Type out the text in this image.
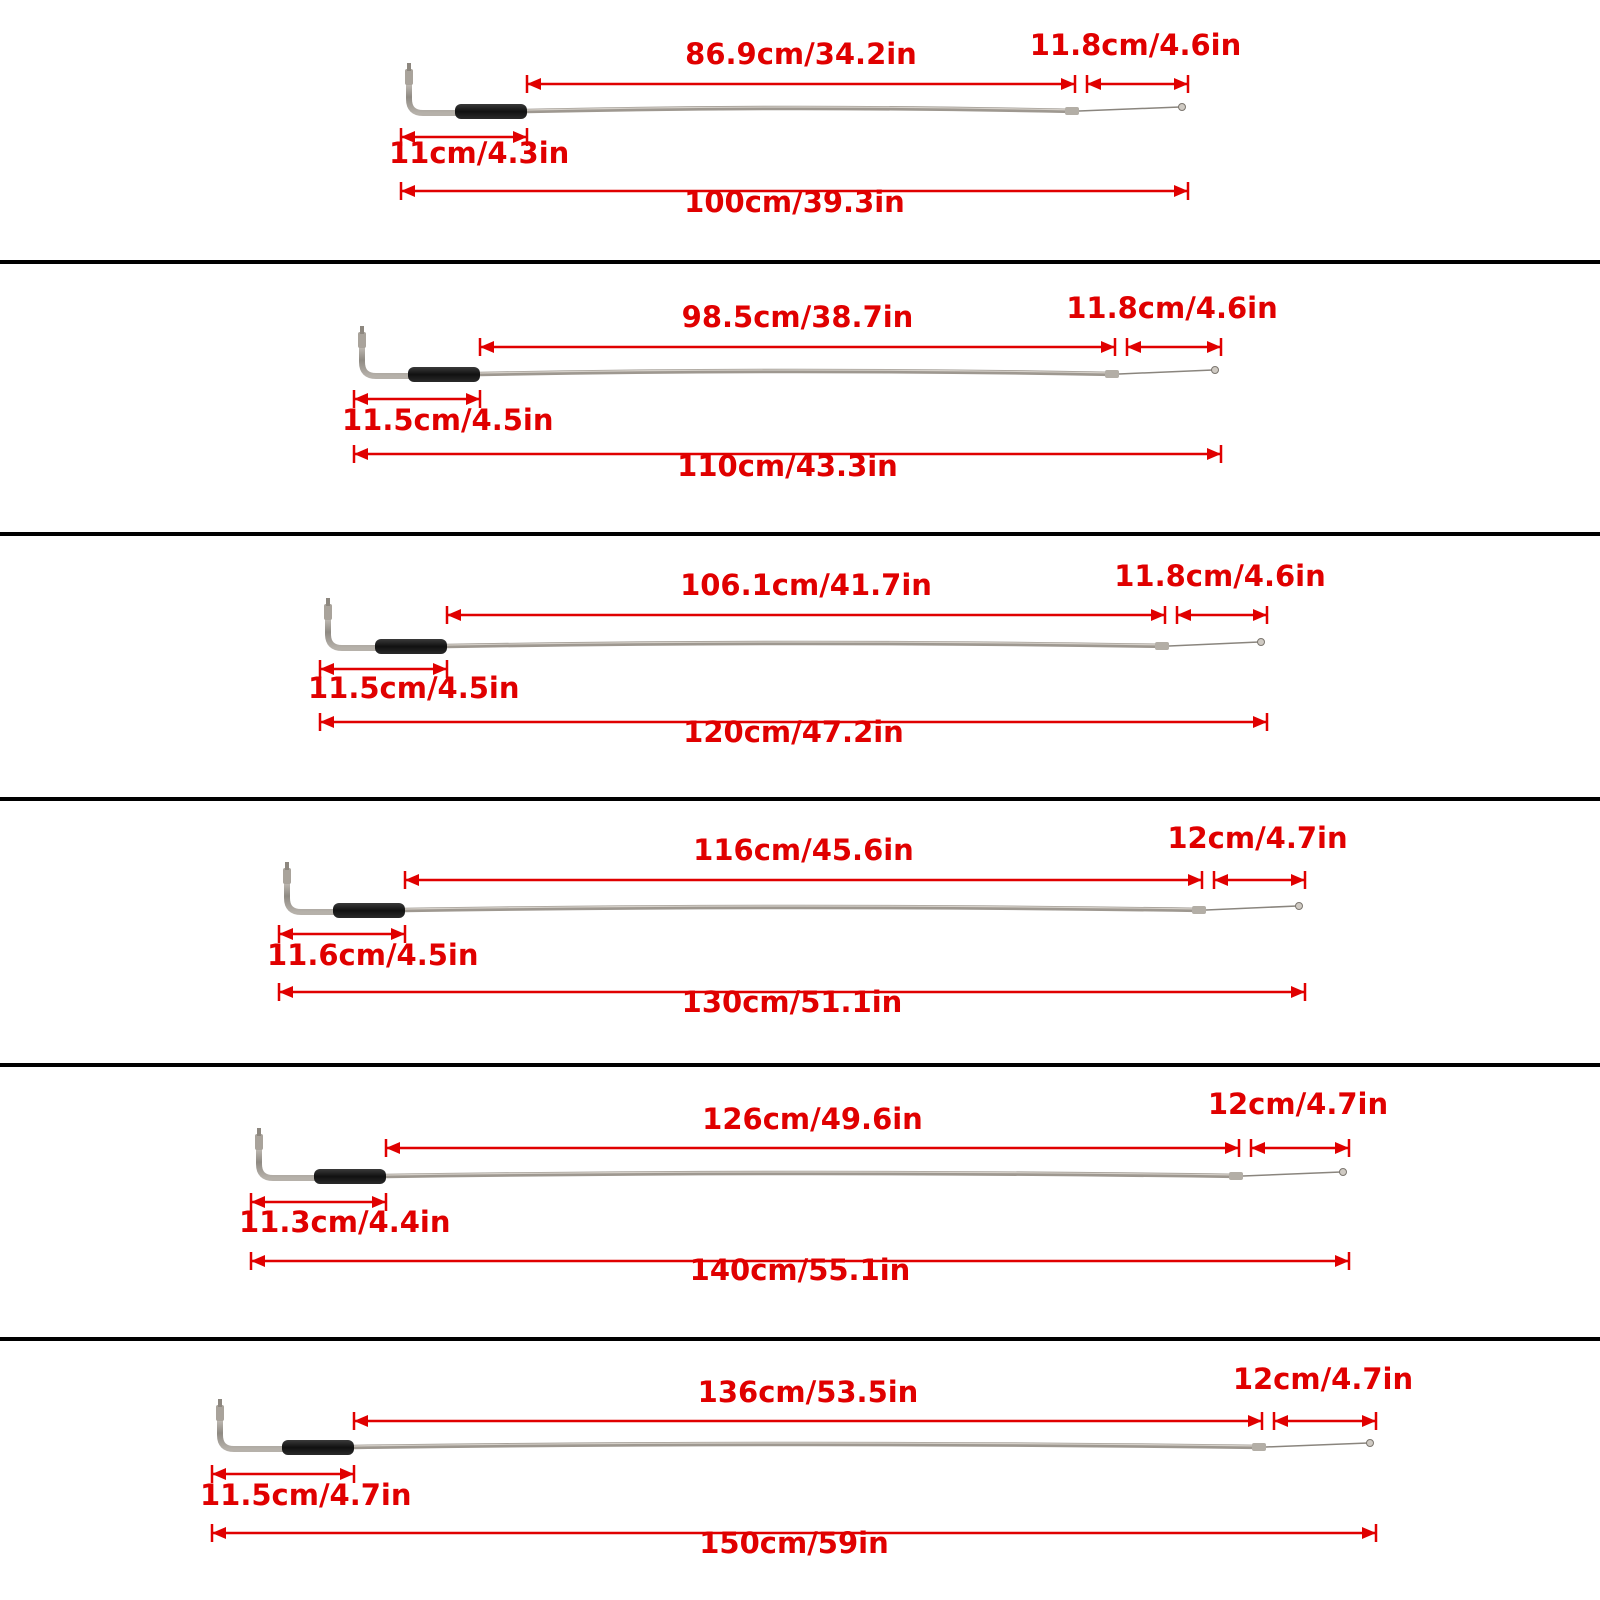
86.9cm/34.2in	11.8cm/4.6in
11cm/4.3in
100cm/39.3in
98.5cm/38.7in	11.8cm/4.6in
11.5cm/4.5in
110cm/43.3in
106.1cm/41.7in	11.8cm/4.6in
11.5cm/4.5in
120cm/47.2in
116cm/45.6in	12cm/4.7in
11.6cm/4.5in
130cm/51.1in
126cm/49.6in	12cm/4.7in
11.3cm/4.4in
140cm/55.1in
136cm/53.5in	12cm/4.7in
11.5cm/4.7in
150cm/59in
